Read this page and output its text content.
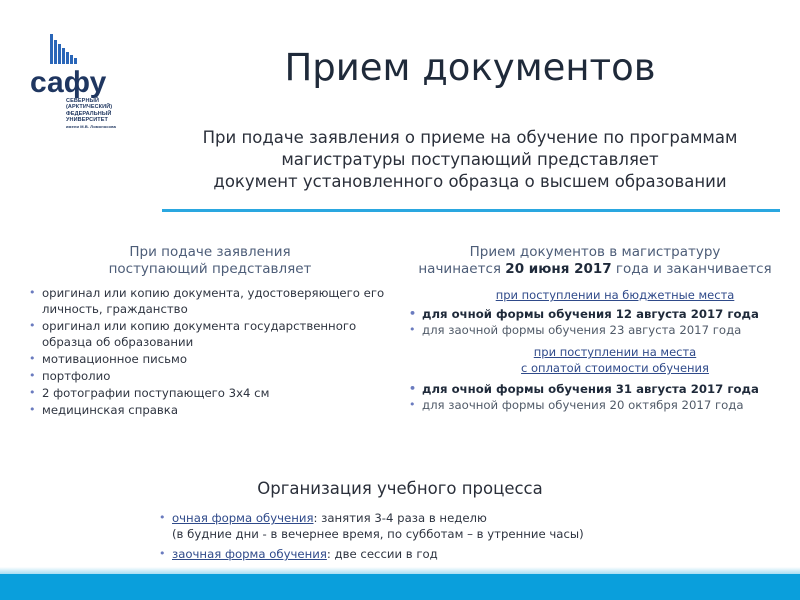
сафу
СЕВЕРНЫЙ
(АРКТИЧЕСКИЙ)
ФЕДЕРАЛЬНЫЙ
УНИВЕРСИТЕТ
имени М.В. Ломоносова
Прием документов
При подаче заявления о приеме на обучение по программам
магистратуры поступающий представляет
документ установленного образца о высшем образовании
При подаче заявления
поступающий представляет
• оригинал или копию документа, удостоверяющего его личность, гражданство
• оригинал или копию документа государственного образца об образовании
• мотивационное письмо
• портфолио
• 2 фотографии поступающего 3х4 см
• медицинская справка
Прием документов в магистратуру
начинается 20 июня 2017 года и заканчивается
при поступлении на бюджетные места
• для очной формы обучения 12 августа 2017 года
• для заочной формы обучения 23 августа 2017 года
при поступлении на места
с оплатой стоимости обучения
• для очной формы обучения 31 августа 2017 года
• для заочной формы обучения 20 октября 2017 года
Организация учебного процесса
• очная форма обучения: занятия 3-4 раза в неделю
(в будние дни - в вечернее время, по субботам – в утренние часы)
• заочная форма обучения: две сессии в год
